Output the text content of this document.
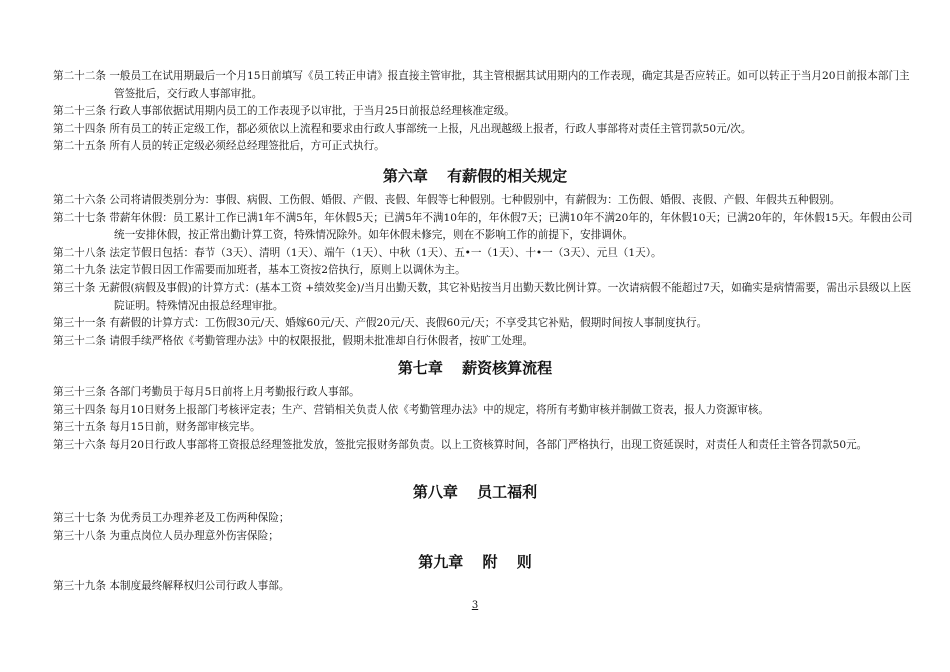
第二十二条 一般员工在试用期最后一个月15日前填写《员工转正申请》报直接主管审批，其主管根据其试用期内的工作表现，确定其是否应转正。如可以转正于当月20日前报本部门主管签批后，交行政人事部审批。
第二十三条 行政人事部依据试用期内员工的工作表现予以审批，于当月25日前报总经理核准定级。
第二十四条 所有员工的转正定级工作，都必须依以上流程和要求由行政人事部统一上报，凡出现越级上报者，行政人事部将对责任主管罚款50元/次。
第二十五条 所有人员的转正定级必须经总经理签批后，方可正式执行。
第六章 有薪假的相关规定
第二十六条 公司将请假类别分为：事假、病假、工伤假、婚假、产假、丧假、年假等七种假别。七种假别中，有薪假为：工伤假、婚假、丧假、产假、年假共五种假别。
第二十七条 带薪年休假：员工累计工作已满1年不满5年，年休假5天；已满5年不满10年的，年休假7天；已满10年不满20年的，年休假10天；已满20年的，年休假15天。年假由公司统一安排休假，按正常出勤计算工资，特殊情况除外。如年休假未修完，则在不影响工作的前提下，安排调休。
第二十八条 法定节假日包括：春节（3天）、清明（1天）、端午（1天）、中秋（1天）、五•一（1天）、十•一（3天）、元旦（1天）。
第二十九条 法定节假日因工作需要而加班者，基本工资按2倍执行，原则上以调休为主。
第三十条 无薪假(病假及事假)的计算方式：(基本工资 +绩效奖金)/当月出勤天数，其它补贴按当月出勤天数比例计算。一次请病假不能超过7天，如确实是病情需要，需出示县级以上医院证明。特殊情况由报总经理审批。
第三十一条 有薪假的计算方式：工伤假30元/天、婚嫁60元/天、产假20元/天、丧假60元/天；不享受其它补贴，假期时间按人事制度执行。
第三十二条 请假手续严格依《考勤管理办法》中的权限报批，假期未批准却自行休假者，按旷工处理。
第七章 薪资核算流程
第三十三条 各部门考勤员于每月5日前将上月考勤报行政人事部。
第三十四条 每月10日财务上报部门考核评定表；生产、营销相关负责人依《考勤管理办法》中的规定，将所有考勤审核并制做工资表，报人力资源审核。
第三十五条 每月15日前，财务部审核完毕。
第三十六条 每月20日行政人事部将工资报总经理签批发放，签批完报财务部负责。以上工资核算时间，各部门严格执行，出现工资延误时，对责任人和责任主管各罚款50元。
第八章 员工福利
第三十七条 为优秀员工办理养老及工伤两种保险；
第三十八条 为重点岗位人员办理意外伤害保险；
第九章 附 则
第三十九条 本制度最终解释权归公司行政人事部。
3
